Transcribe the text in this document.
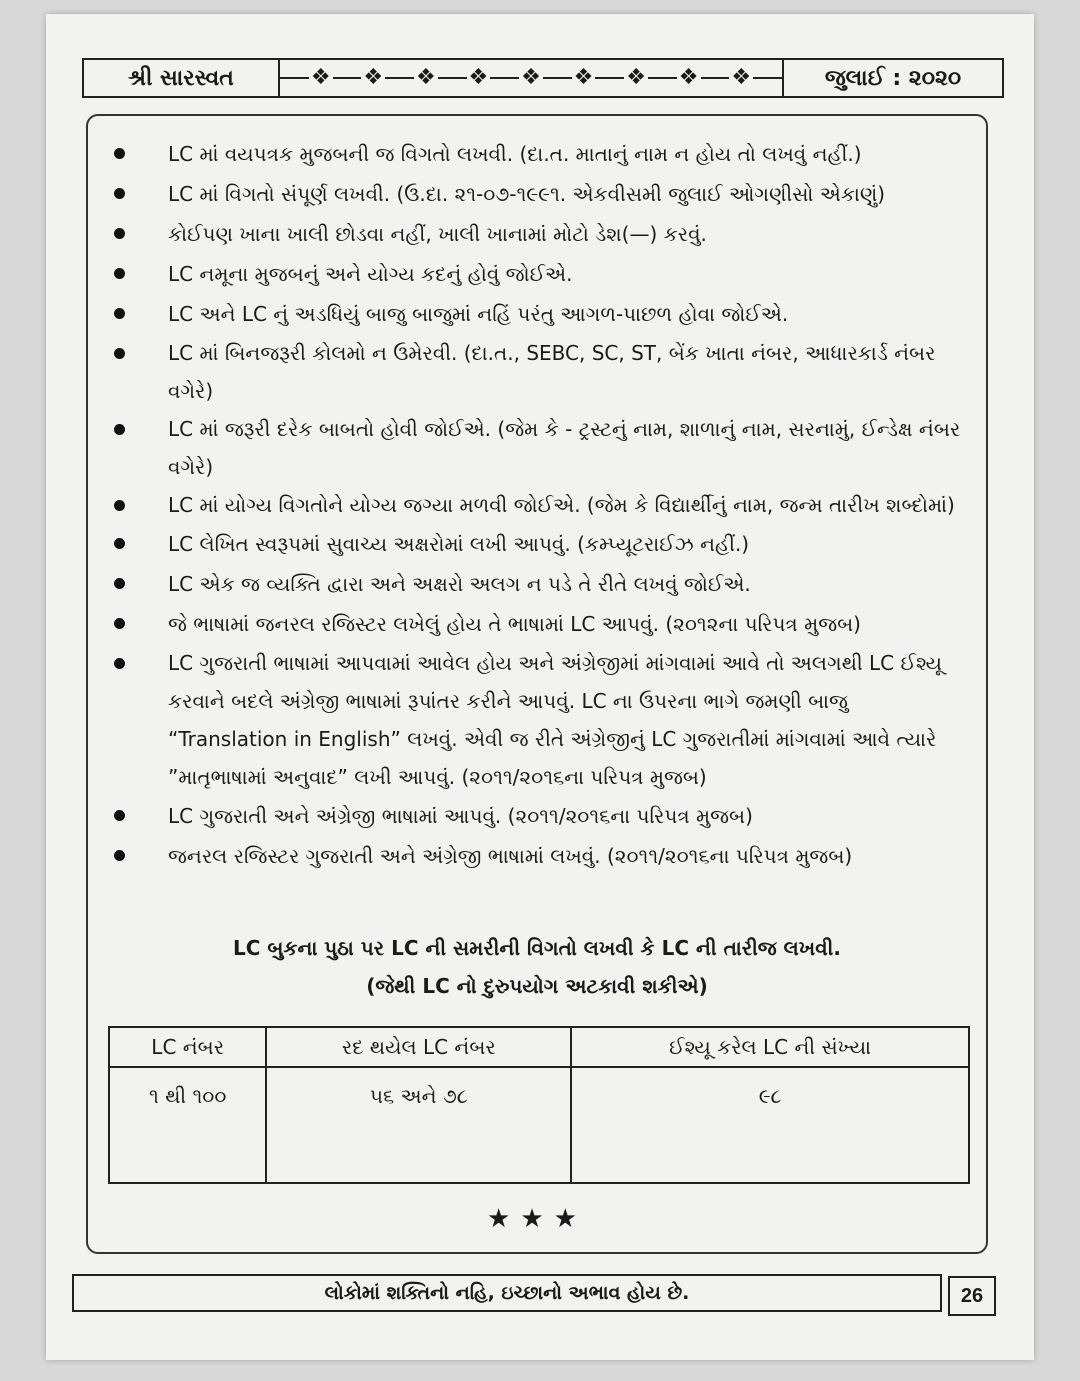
શ્રી સારસ્વત	❖ ❖ ❖ ❖ ❖ ❖ ❖ ❖ ❖	જુલાઈ : ૨૦૨૦
LC માં વયપત્રક મુજબની જ વિગતો લખવી. (દા.ત. માતાનું નામ ન હોય તો લખવું નહીં.)
LC માં વિગતો સંપૂર્ણ લખવી. (ઉ.દા. ૨૧-૦૭-૧૯૯૧. એકવીસમી જુલાઈ ઓગણીસો એકાણું)
કોઈપણ ખાના ખાલી છોડવા નહીં, ખાલી ખાનામાં મોટો ડેશ(—) કરવું.
LC નમૂના મુજબનું અને યોગ્ય કદનું હોવું જોઈએ.
LC અને LC નું અડધિયું બાજુ બાજુમાં નહિં પરંતુ આગળ-પાછળ હોવા જોઈએ.
LC માં બિનજરૂરી કોલમો ન ઉમેરવી. (દા.ત., SEBC, SC, ST, બેંક ખાતા નંબર, આધારકાર્ડ નંબર વગેરે)
LC માં જરૂરી દરેક બાબતો હોવી જોઈએ. (જેમ કે - ટ્રસ્ટનું નામ, શાળાનું નામ, સરનામું, ઈન્ડેક્ષ નંબર વગેરે)
LC માં યોગ્ય વિગતોને યોગ્ય જગ્યા મળવી જોઈએ. (જેમ કે વિદ્યાર્થીનું નામ, જન્મ તારીખ શબ્દોમાં)
LC લેખિત સ્વરૂપમાં સુવાચ્ય અક્ષરોમાં લખી આપવું. (કમ્પ્યૂટરાઈઝ નહીં.)
LC એક જ વ્યક્તિ દ્વારા અને અક્ષરો અલગ ન પડે તે રીતે લખવું જોઈએ.
જે ભાષામાં જનરલ રજિસ્ટર લખેલું હોય તે ભાષામાં LC આપવું. (૨૦૧૨ના પરિપત્ર મુજબ)
LC ગુજરાતી ભાષામાં આપવામાં આવેલ હોય અને અંગ્રેજીમાં માંગવામાં આવે તો અલગથી LC ઈશ્યૂ કરવાને બદલે અંગ્રેજી ભાષામાં રૂપાંતર કરીને આપવું. LC ના ઉપરના ભાગે જમણી બાજુ “Translation in English” લખવું. એવી જ રીતે અંગ્રેજીનું LC ગુજરાતીમાં માંગવામાં આવે ત્યારે ”માતૃભાષામાં અનુવાદ” લખી આપવું. (૨૦૧૧/૨૦૧૬ના પરિપત્ર મુજબ)
LC ગુજરાતી અને અંગ્રેજી ભાષામાં આપવું. (૨૦૧૧/૨૦૧૬ના પરિપત્ર મુજબ)
જનરલ રજિસ્ટર ગુજરાતી અને અંગ્રેજી ભાષામાં લખવું. (૨૦૧૧/૨૦૧૬ના પરિપત્ર મુજબ)
LC બુકના પુઠા પર LC ની સમરીની વિગતો લખવી કે LC ની તારીજ લખવી.
(જેથી LC નો દુરુપયોગ અટકાવી શકીએ)
LC નંબર	રદ થયેલ LC નંબર	ઈશ્યૂ કરેલ LC ની સંખ્યા
૧ થી ૧૦૦	૫૬ અને ૭૮	૯૮
★★★
લોકોમાં શક્તિનો નહિ, ઇચ્છાનો અભાવ હોય છે.	26
